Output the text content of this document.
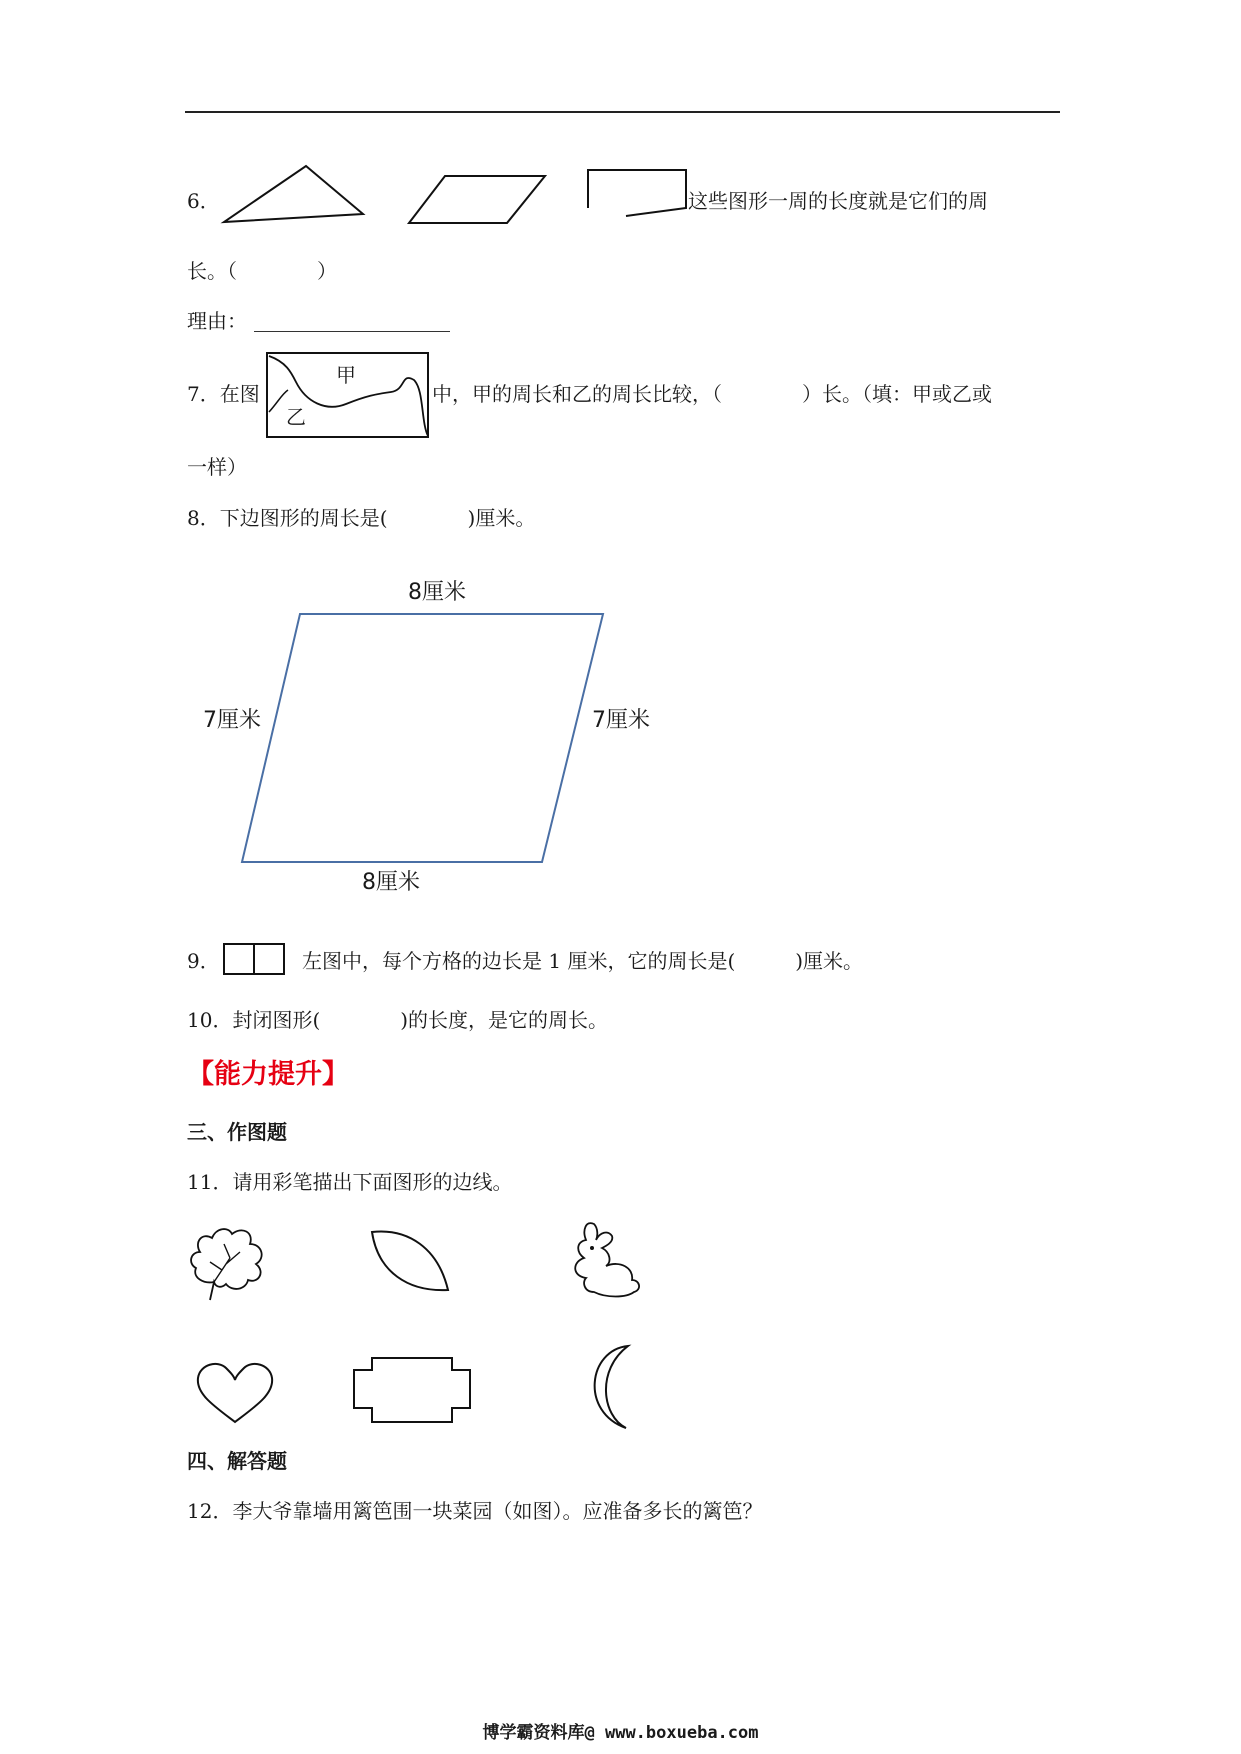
6．	这些图形一周的长度就是它们的周
长。（　　　　）
理由：
7．在图
甲
乙
中，甲的周长和乙的周长比较，（　　　　）长。（填：甲或乙或
一样）
8．下边图形的周长是(　　　　)厘米。
8厘米
8厘米
7厘米	7厘米
9．	左图中，每个方格的边长是 1 厘米，它的周长是(　　　)厘米。
10．封闭图形(　　　　)的长度，是它的周长。
【能力提升】
三、作图题
11．请用彩笔描出下面图形的边线。
四、解答题
12．李大爷靠墙用篱笆围一块菜园（如图）。应准备多长的篱笆？
博学霸资料库@ www.boxueba.com
